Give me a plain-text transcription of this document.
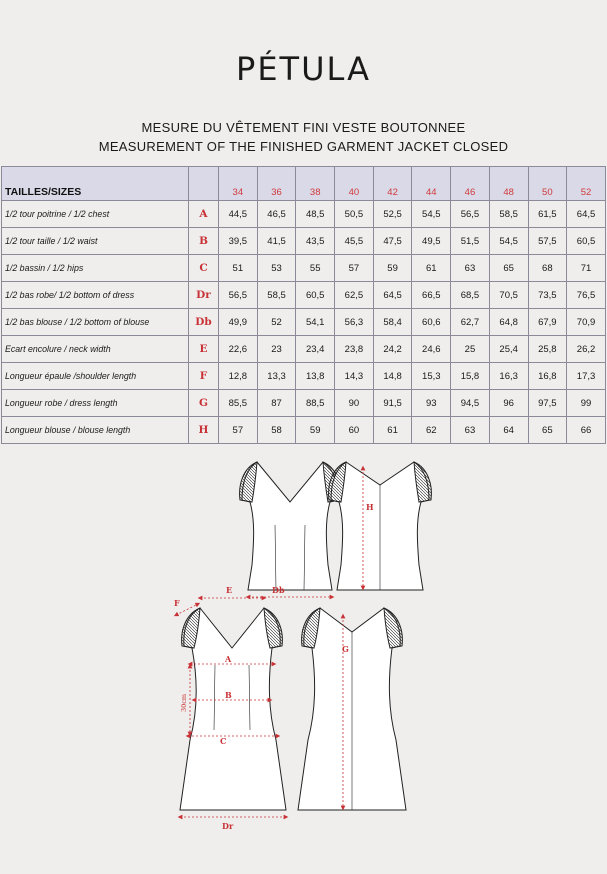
PÉTULA
MESURE DU VÊTEMENT FINI VESTE BOUTONNEE
MEASUREMENT OF THE FINISHED GARMENT JACKET CLOSED
TAILLES/SIZES		34	36	38	40	42	44	46	48	50	52
1/2 tour poitrine / 1/2 chest	A	44,5	46,5	48,5	50,5	52,5	54,5	56,5	58,5	61,5	64,5
1/2 tour taille / 1/2 waist	B	39,5	41,5	43,5	45,5	47,5	49,5	51,5	54,5	57,5	60,5
1/2 bassin / 1/2 hips	C	51	53	55	57	59	61	63	65	68	71
1/2 bas robe/ 1/2 bottom of dress	Dr	56,5	58,5	60,5	62,5	64,5	66,5	68,5	70,5	73,5	76,5
1/2 bas blouse / 1/2 bottom of blouse	Db	49,9	52	54,1	56,3	58,4	60,6	62,7	64,8	67,9	70,9
Ecart encolure / neck width	E	22,6	23	23,4	23,8	24,2	24,6	25	25,4	25,8	26,2
Longueur épaule /shoulder length	F	12,8	13,3	13,8	14,3	14,8	15,3	15,8	16,3	16,8	17,3
Longueur robe / dress length	G	85,5	87	88,5	90	91,5	93	94,5	96	97,5	99
Longueur blouse / blouse length	H	57	58	59	60	61	62	63	64	65	66
H
Db
E
F
A
B
C
Dr
30cm
G
